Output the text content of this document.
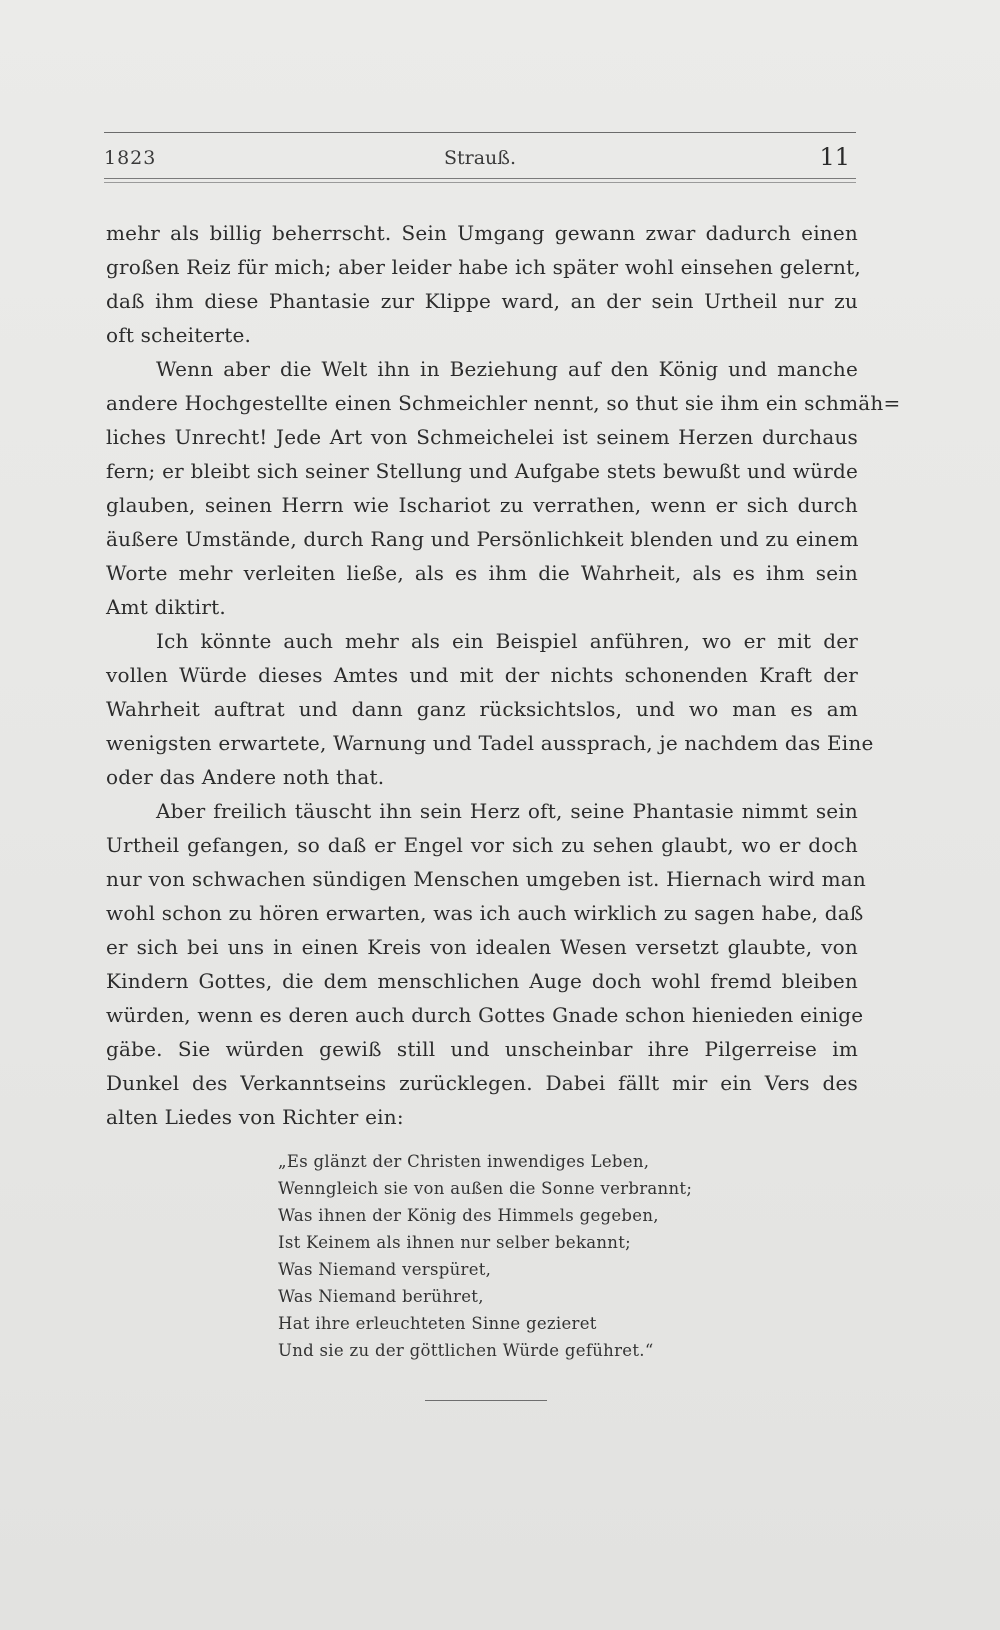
1823	Strauß.	11
mehr als billig beherrscht. Sein Umgang gewann zwar dadurch einen
großen Reiz für mich; aber leider habe ich später wohl einsehen gelernt,
daß ihm diese Phantasie zur Klippe ward, an der sein Urtheil nur zu
oft scheiterte.
Wenn aber die Welt ihn in Beziehung auf den König und manche
andere Hochgestellte einen Schmeichler nennt, so thut sie ihm ein schmäh=
liches Unrecht! Jede Art von Schmeichelei ist seinem Herzen durchaus
fern; er bleibt sich seiner Stellung und Aufgabe stets bewußt und würde
glauben, seinen Herrn wie Ischariot zu verrathen, wenn er sich durch
äußere Umstände, durch Rang und Persönlichkeit blenden und zu einem
Worte mehr verleiten ließe, als es ihm die Wahrheit, als es ihm sein
Amt diktirt.
Ich könnte auch mehr als ein Beispiel anführen, wo er mit der
vollen Würde dieses Amtes und mit der nichts schonenden Kraft der
Wahrheit auftrat und dann ganz rücksichtslos, und wo man es am
wenigsten erwartete, Warnung und Tadel aussprach, je nachdem das Eine
oder das Andere noth that.
Aber freilich täuscht ihn sein Herz oft, seine Phantasie nimmt sein
Urtheil gefangen, so daß er Engel vor sich zu sehen glaubt, wo er doch
nur von schwachen sündigen Menschen umgeben ist. Hiernach wird man
wohl schon zu hören erwarten, was ich auch wirklich zu sagen habe, daß
er sich bei uns in einen Kreis von idealen Wesen versetzt glaubte, von
Kindern Gottes, die dem menschlichen Auge doch wohl fremd bleiben
würden, wenn es deren auch durch Gottes Gnade schon hienieden einige
gäbe. Sie würden gewiß still und unscheinbar ihre Pilgerreise im
Dunkel des Verkanntseins zurücklegen. Dabei fällt mir ein Vers des
alten Liedes von Richter ein:
„Es glänzt der Christen inwendiges Leben,
Wenngleich sie von außen die Sonne verbrannt;
Was ihnen der König des Himmels gegeben,
Ist Keinem als ihnen nur selber bekannt;
Was Niemand verspüret,
Was Niemand berühret,
Hat ihre erleuchteten Sinne gezieret
Und sie zu der göttlichen Würde geführet.“
